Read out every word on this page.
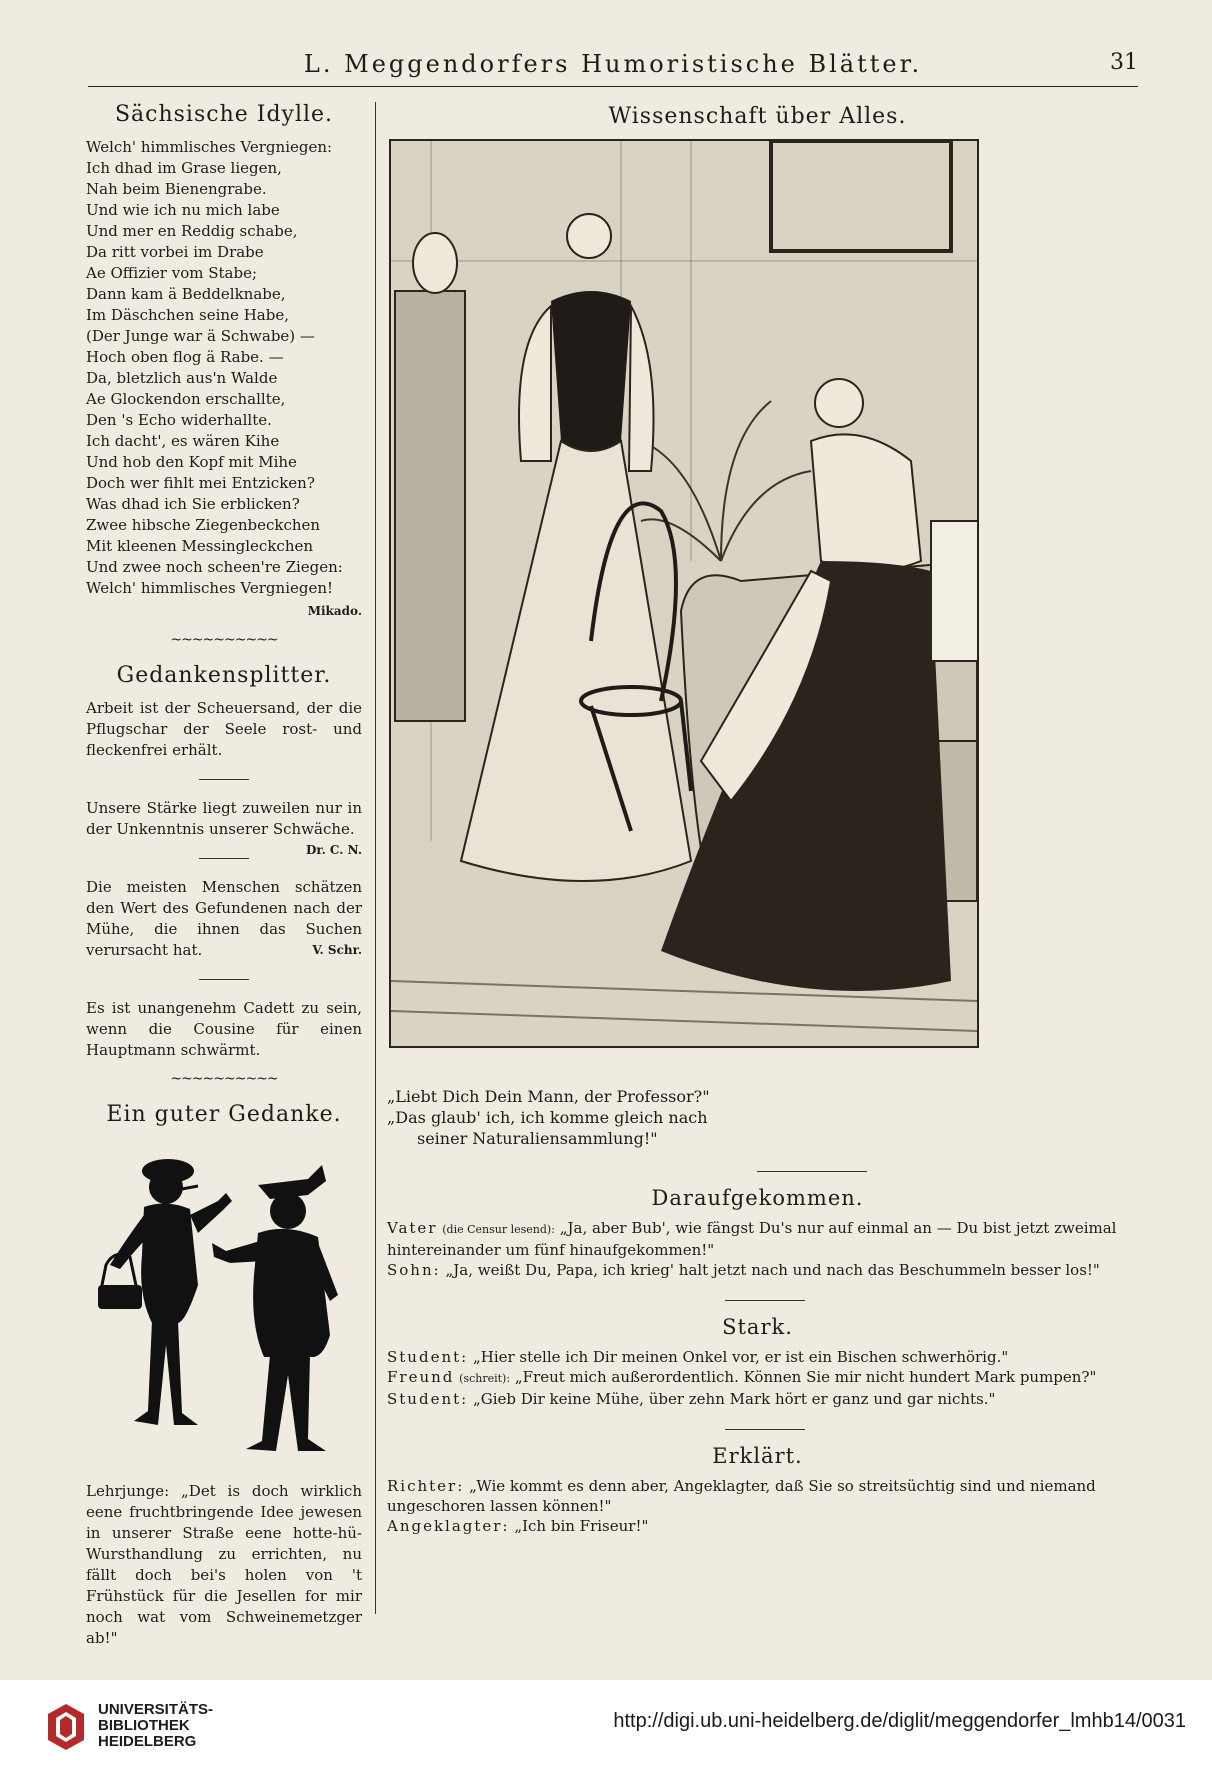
L. Meggendorfers Humoristische Blätter.	31
Sächsische Idylle.
Welch' himmlisches Vergniegen:
Ich dhad im Grase liegen,
Nah beim Bienengrabe.
Und wie ich nu mich labe
Und mer en Reddig schabe,
Da ritt vorbei im Drabe
Ae Offizier vom Stabe;
Dann kam ä Beddelknabe,
Im Däschchen seine Habe,
(Der Junge war ä Schwabe) —
Hoch oben flog ä Rabe. —
Da, bletzlich aus'n Walde
Ae Glockendon erschallte,
Den 's Echo widerhallte.
Ich dacht', es wären Kihe
Und hob den Kopf mit Mihe
Doch wer fihlt mei Entzicken?
Was dhad ich Sie erblicken?
Zwee hibsche Ziegenbeckchen
Mit kleenen Messingleckchen
Und zwee noch scheen're Ziegen:
Welch' himmlisches Vergniegen!
Mikado.
~~~~~~~~~~
Gedankensplitter.

Arbeit ist der Scheuersand, der die Pflugschar der Seele rost- und fleckenfrei erhält.

Unsere Stärke liegt zuweilen nur in der Unkenntnis unserer Schwäche.
Dr. C. N.

Die meisten Menschen schätzen den Wert des Gefundenen nach der Mühe, die ihnen das Suchen verursacht hat.	V. Schr.

Es ist unangenehm Cadett zu sein, wenn die Cousine für einen Hauptmann schwärmt.

~~~~~~~~~~
Ein guter Gedanke.

Lehrjunge: „Det is doch wirklich eene fruchtbringende Idee jewesen in unserer Straße eene hotte-hü-Wursthandlung zu errichten, nu fällt doch bei's holen von 't Frühstück für die Jesellen for mir noch wat vom Schweinemetzger ab!"

Wissenschaft über Alles.
„Liebt Dich Dein Mann, der Professor?"
„Das glaub' ich, ich komme gleich nach
seiner Naturaliensammlung!"
Daraufgekommen.

Vater (die Censur lesend): „Ja, aber Bub', wie fängst Du's nur auf einmal an — Du bist jetzt zweimal hintereinander um fünf hinaufgekommen!"

Sohn: „Ja, weißt Du, Papa, ich krieg' halt jetzt nach und nach das Beschummeln besser los!"

Stark.

Student: „Hier stelle ich Dir meinen Onkel vor, er ist ein Bischen schwerhörig."

Freund (schreit): „Freut mich außerordentlich. Können Sie mir nicht hundert Mark pumpen?"

Student: „Gieb Dir keine Mühe, über zehn Mark hört er ganz und gar nichts."

Erklärt.

Richter: „Wie kommt es denn aber, Angeklagter, daß Sie so streitsüchtig sind und niemand ungeschoren lassen können!"

Angeklagter: „Ich bin Friseur!"

UNIVERSITÄTS-
BIBLIOTHEK
HEIDELBERG
http://digi.ub.uni-heidelberg.de/diglit/meggendorfer_lmhb14/0031
